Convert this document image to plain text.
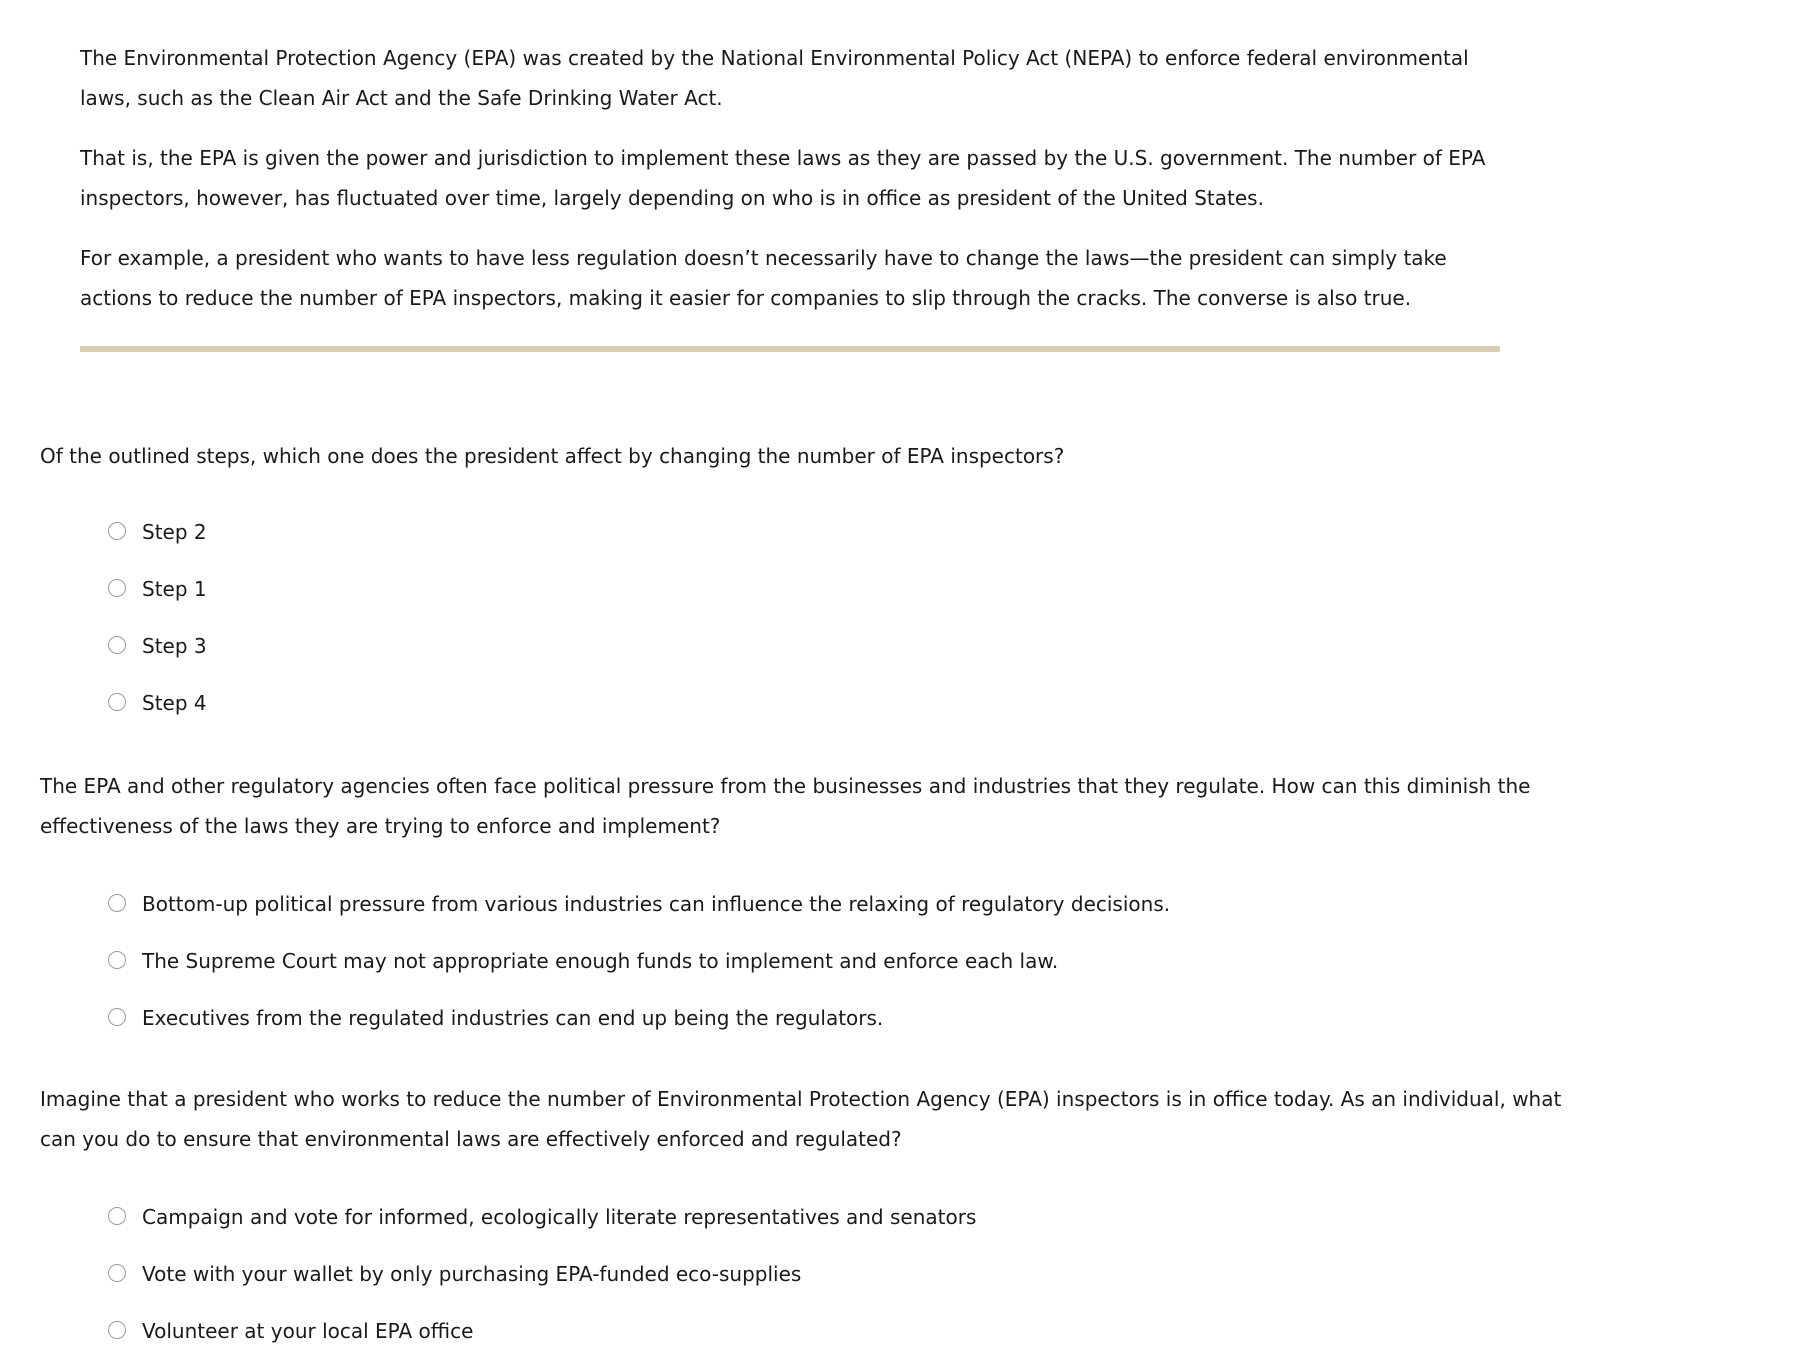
The Environmental Protection Agency (EPA) was created by the National Environmental Policy Act (NEPA) to enforce federal environmental laws, such as the Clean Air Act and the Safe Drinking Water Act.

That is, the EPA is given the power and jurisdiction to implement these laws as they are passed by the U.S. government. The number of EPA inspectors, however, has fluctuated over time, largely depending on who is in office as president of the United States.

For example, a president who wants to have less regulation doesn’t necessarily have to change the laws—the president can simply take actions to reduce the number of EPA inspectors, making it easier for companies to slip through the cracks. The converse is also true.

Of the outlined steps, which one does the president affect by changing the number of EPA inspectors?

Step 2
Step 1
Step 3
Step 4

The EPA and other regulatory agencies often face political pressure from the businesses and industries that they regulate. How can this diminish the effectiveness of the laws they are trying to enforce and implement?

Bottom-up political pressure from various industries can influence the relaxing of regulatory decisions.
The Supreme Court may not appropriate enough funds to implement and enforce each law.
Executives from the regulated industries can end up being the regulators.

Imagine that a president who works to reduce the number of Environmental Protection Agency (EPA) inspectors is in office today. As an individual, what can you do to ensure that environmental laws are effectively enforced and regulated?

Campaign and vote for informed, ecologically literate representatives and senators
Vote with your wallet by only purchasing EPA-funded eco-supplies
Volunteer at your local EPA office
